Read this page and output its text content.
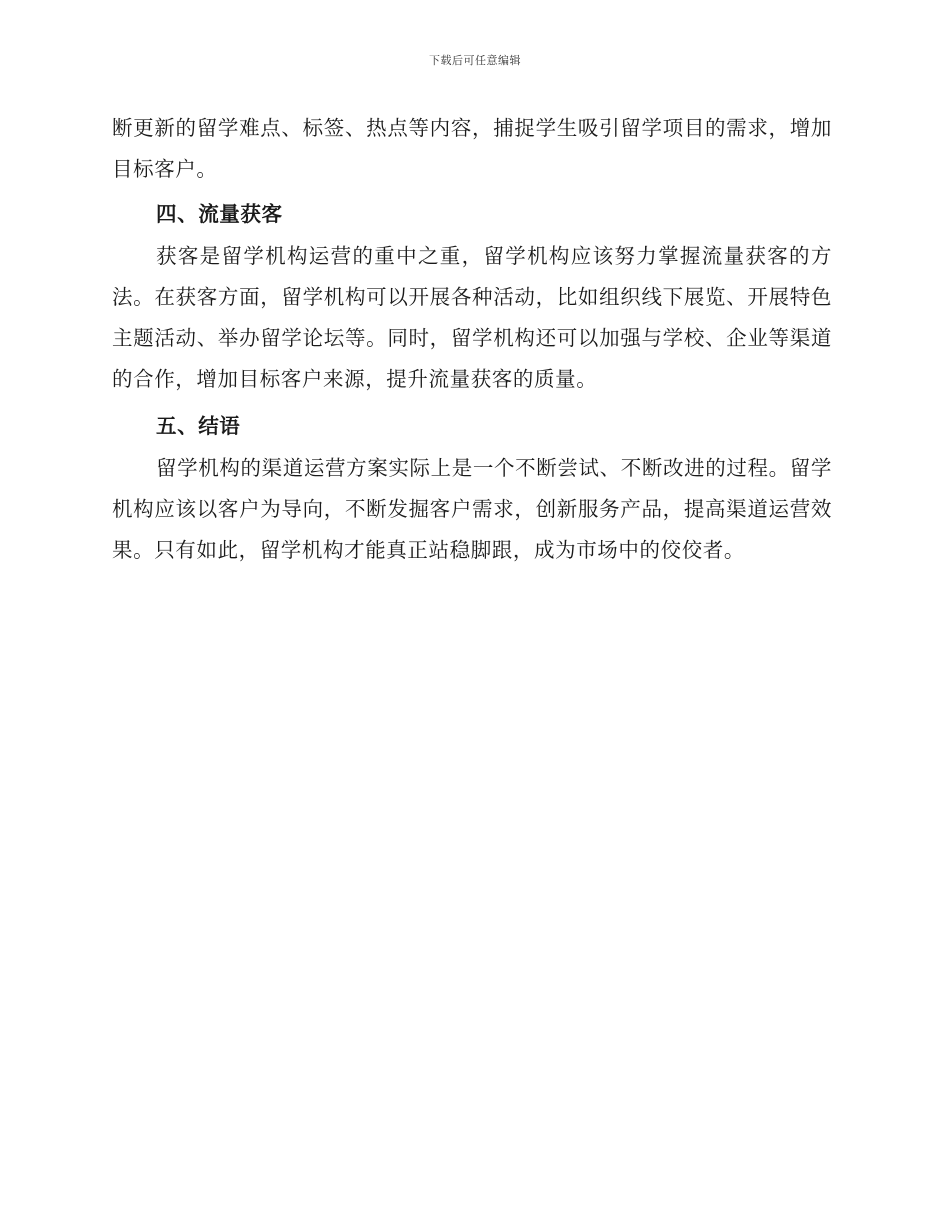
下载后可任意编辑

断更新的留学难点、标签、热点等内容，捕捉学生吸引留学项目的需求，增加目标客户。

四、流量获客

获客是留学机构运营的重中之重，留学机构应该努力掌握流量获客的方法。在获客方面，留学机构可以开展各种活动，比如组织线下展览、开展特色主题活动、举办留学论坛等。同时，留学机构还可以加强与学校、企业等渠道的合作，增加目标客户来源，提升流量获客的质量。

五、结语

留学机构的渠道运营方案实际上是一个不断尝试、不断改进的过程。留学机构应该以客户为导向，不断发掘客户需求，创新服务产品，提高渠道运营效果。只有如此，留学机构才能真正站稳脚跟，成为市场中的佼佼者。
